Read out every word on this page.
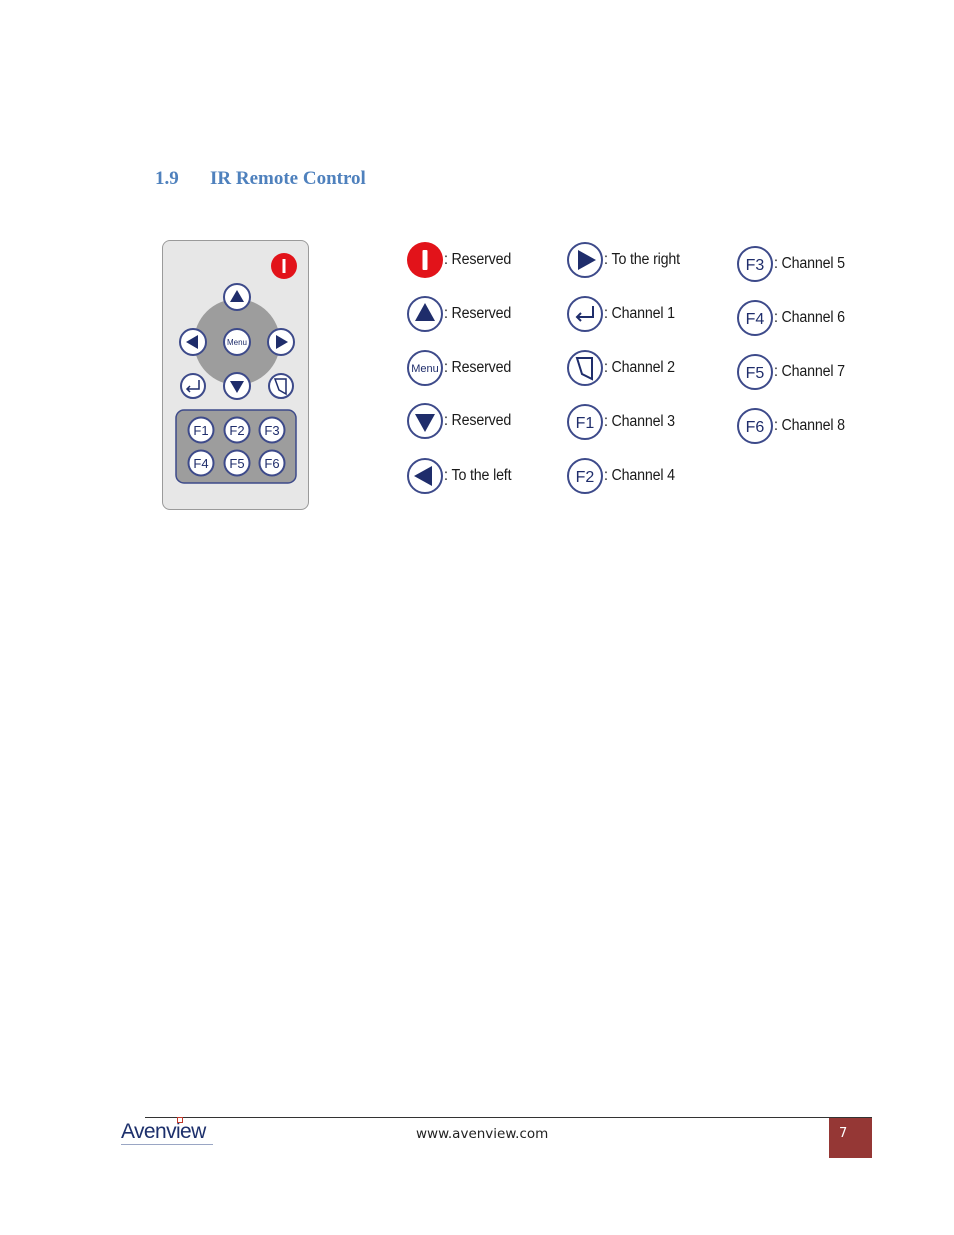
1.9 IR Remote Control
Menu
F1 F2 F3
F4 F5 F6
: Reserved
: Reserved
Menu : Reserved
: Reserved
: To the left
: To the right
: Channel 1
: Channel 2
F1 : Channel 3
F2 : Channel 4
F3 : Channel 5
F4 : Channel 6
F5 : Channel 7
F6 : Channel 8
Avenview	www.avenview.com	7
